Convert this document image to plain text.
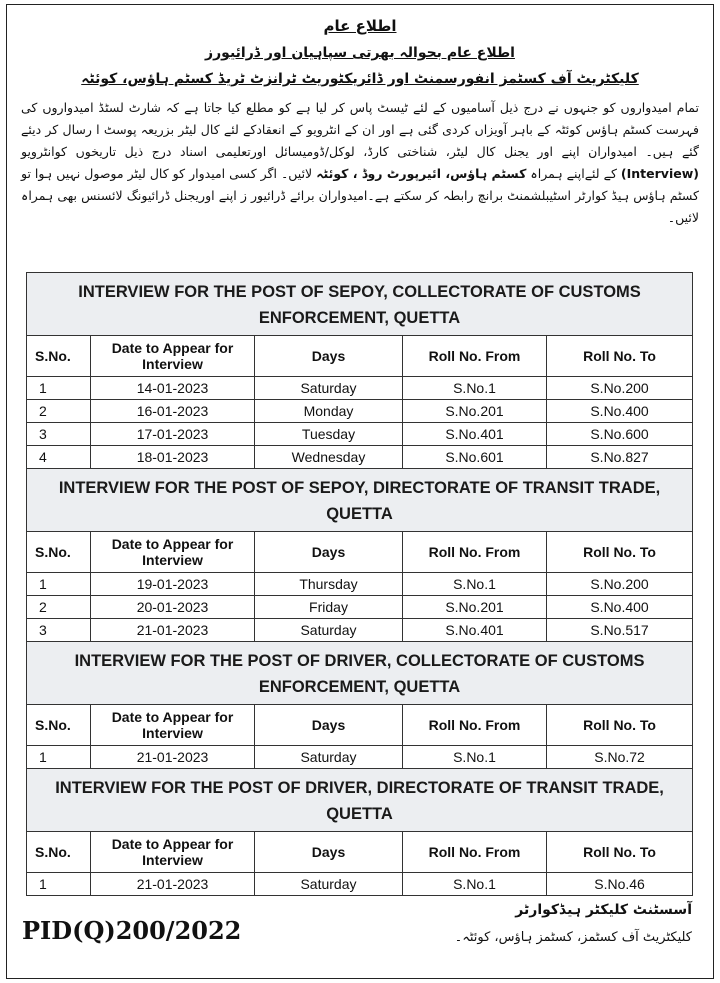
اطلاع عام
اطلاع عام بحوالہ بھرتی سپاہیان اور ڈرائیورز
کلیکٹریٹ آف کسٹمز انفورسمنٹ اور ڈائریکٹوریٹ ٹرانزٹ ٹریڈ کسٹم ہاؤس، کوئٹہ
تمام امیدواروں کو جنہوں نے درج ذیل آسامیوں کے لئے ٹیسٹ پاس کر لیا ہے کو مطلع کیا جاتا ہے کہ شارٹ لسٹڈ امیدواروں کی فہرست کسٹم ہاؤس کوئٹہ کے باہر آویزاں کردی گئی ہے اور ان کے انٹرویو کے انعقادکے لئے کال لیٹر بزریعہ پوسٹ ا رسال کر دیئے گئے ہیں۔ امیدواران اپنے اور یجنل کال لیٹر، شناختی کارڈ، لوکل/ڈومیسائل اورتعلیمی اسناد درج ذیل تاریخوں کوانٹرویو (Interview) کے لئےاپنے ہمراہ کسٹم ہاؤس، ائیرپورٹ روڈ ، کوئٹہ لائیں۔ اگر کسی امیدوار کو کال لیٹر موصول نہیں ہوا تو کسٹم ہاؤس ہیڈ کوارٹر اسٹیبلشمنٹ برانچ رابطہ کر سکتے ہے۔امیدواران برائے ڈرائیور ز اپنے اوریجنل ڈرائیونگ لائسنس بھی ہمراہ لائیں۔
INTERVIEW FOR THE POST OF SEPOY, COLLECTORATE OF CUSTOMS ENFORCEMENT, QUETTA				
S.No.	Date to Appear for Interview	Days	Roll No. From	Roll No. To
1	14-01-2023	Saturday	S.No.1	S.No.200
2	16-01-2023	Monday	S.No.201	S.No.400
3	17-01-2023	Tuesday	S.No.401	S.No.600
4	18-01-2023	Wednesday	S.No.601	S.No.827
INTERVIEW FOR THE POST OF SEPOY, DIRECTORATE OF TRANSIT TRADE, QUETTA				
S.No.	Date to Appear for Interview	Days	Roll No. From	Roll No. To
1	19-01-2023	Thursday	S.No.1	S.No.200
2	20-01-2023	Friday	S.No.201	S.No.400
3	21-01-2023	Saturday	S.No.401	S.No.517
INTERVIEW FOR THE POST OF DRIVER, COLLECTORATE OF CUSTOMS ENFORCEMENT, QUETTA				
S.No.	Date to Appear for Interview	Days	Roll No. From	Roll No. To
1	21-01-2023	Saturday	S.No.1	S.No.72
INTERVIEW FOR THE POST OF DRIVER, DIRECTORATE OF TRANSIT TRADE, QUETTA				
S.No.	Date to Appear for Interview	Days	Roll No. From	Roll No. To
1	21-01-2023	Saturday	S.No.1	S.No.46
PID(Q)200/2022
آسسٹنٹ کلیکٹر ہیڈکوارٹر
کلیکٹریٹ آف کسٹمز، کسٹمز ہاؤس، کوئٹہ۔
